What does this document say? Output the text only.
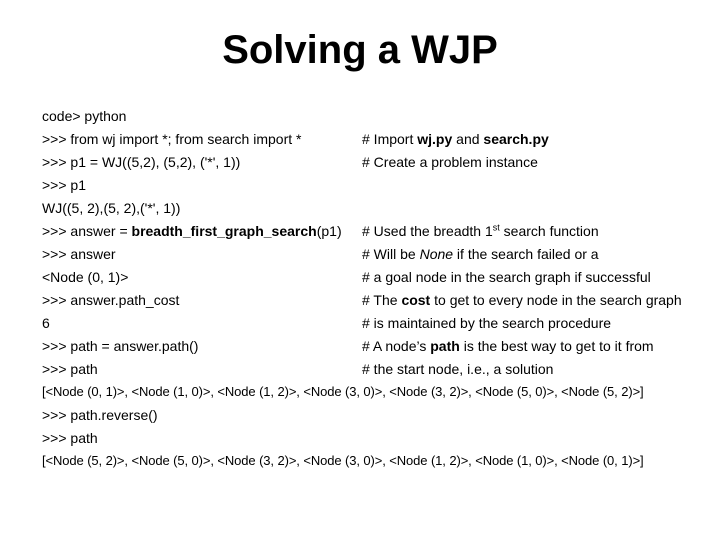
Solving a WJP
code> python
>>> from wj import *; from search import *
>>> p1 = WJ((5,2), (5,2), ('*', 1))
>>> p1
WJ((5, 2),(5, 2),('*', 1))
>>> answer = breadth_first_graph_search(p1)
>>> answer
<Node (0, 1)>
>>> answer.path_cost
6
>>> path = answer.path()
>>> path
[<Node (0, 1)>, <Node (1, 0)>, <Node (1, 2)>, <Node (3, 0)>, <Node (3, 2)>, <Node (5, 0)>, <Node (5, 2)>]
>>> path.reverse()
>>> path
[<Node (5, 2)>, <Node (5, 0)>, <Node (3, 2)>, <Node (3, 0)>, <Node (1, 2)>, <Node (1, 0)>, <Node (0, 1)>]
# Import wj.py and search.py
# Create a problem instance
# Used the breadth 1st search function
# Will be None if the search failed or a
# a goal node in the search graph if successful
# The cost to get to every node in the search graph
# is maintained by the search procedure
# A node’s path is the best way to get to it from
# the start node, i.e., a solution
